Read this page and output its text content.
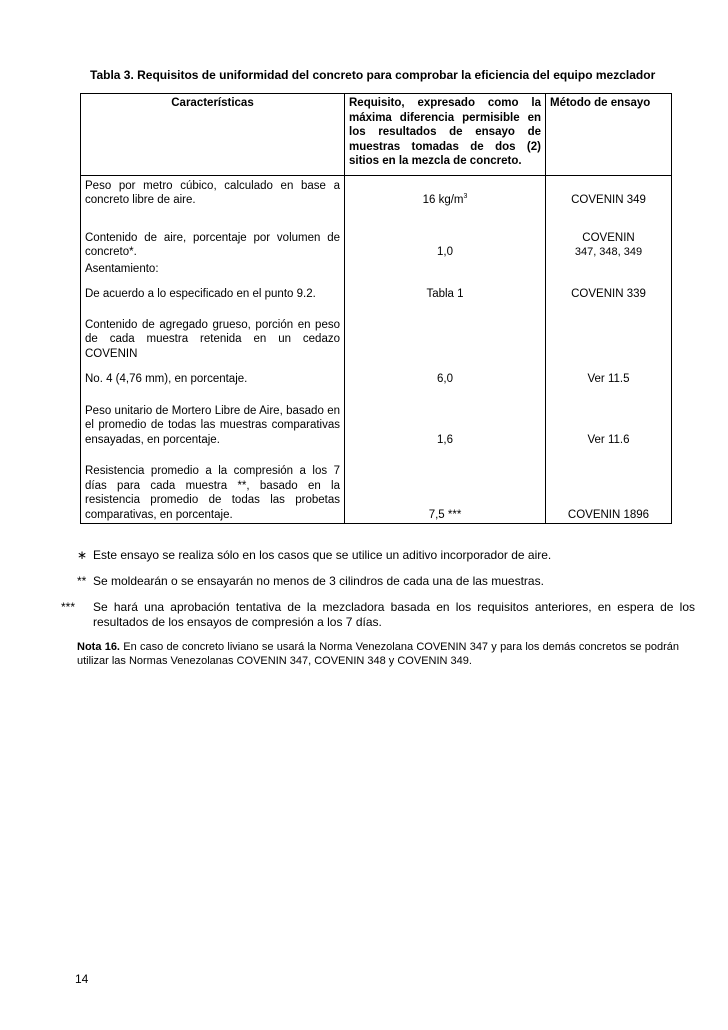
Tabla 3. Requisitos de uniformidad del concreto para comprobar la eficiencia del equipo mezclador
Características	Requisito, expresado como la máxima diferencia permisible en los resultados de ensayo de muestras tomadas de dos (2) sitios en la mezcla de concreto.	Método de ensayo
Peso por metro cúbico, calculado en base a concreto libre de aire.	16 $kg/m^3$	COVENIN 349
Contenido de aire, porcentaje por volumen de concreto*.	1,0	COVENIN
347, 348, 349

Asentamiento:		
De acuerdo a lo especificado en el punto 9.2.	Tabla 1	COVENIN 339
Contenido de agregado grueso, porción en peso de cada muestra retenida en un cedazo COVENIN		
No. 4 (4,76 mm), en porcentaje.	6,0	Ver 11.5
Peso unitario de Mortero Libre de Aire, basado en el promedio de todas las muestras comparativas ensayadas, en porcentaje.	1,6	Ver 11.6
Resistencia promedio a la compresión a los 7 días para cada muestra **, basado en la resistencia promedio de todas las probetas comparativas, en porcentaje.	7,5 ***	COVENIN 1896
∗ Este ensayo se realiza sólo en los casos que se utilice un aditivo incorporador de aire.
** Se moldearán o se ensayarán no menos de 3 cilindros de cada una de las muestras.
*** Se hará una aprobación tentativa de la mezcladora basada en los requisitos anteriores, en espera de los resultados de los ensayos de compresión a los 7 días.
Nota 16. En caso de concreto liviano se usará la Norma Venezolana COVENIN 347 y para los demás concretos se podrán utilizar las Normas Venezolanas COVENIN 347, COVENIN 348 y COVENIN 349.
14
